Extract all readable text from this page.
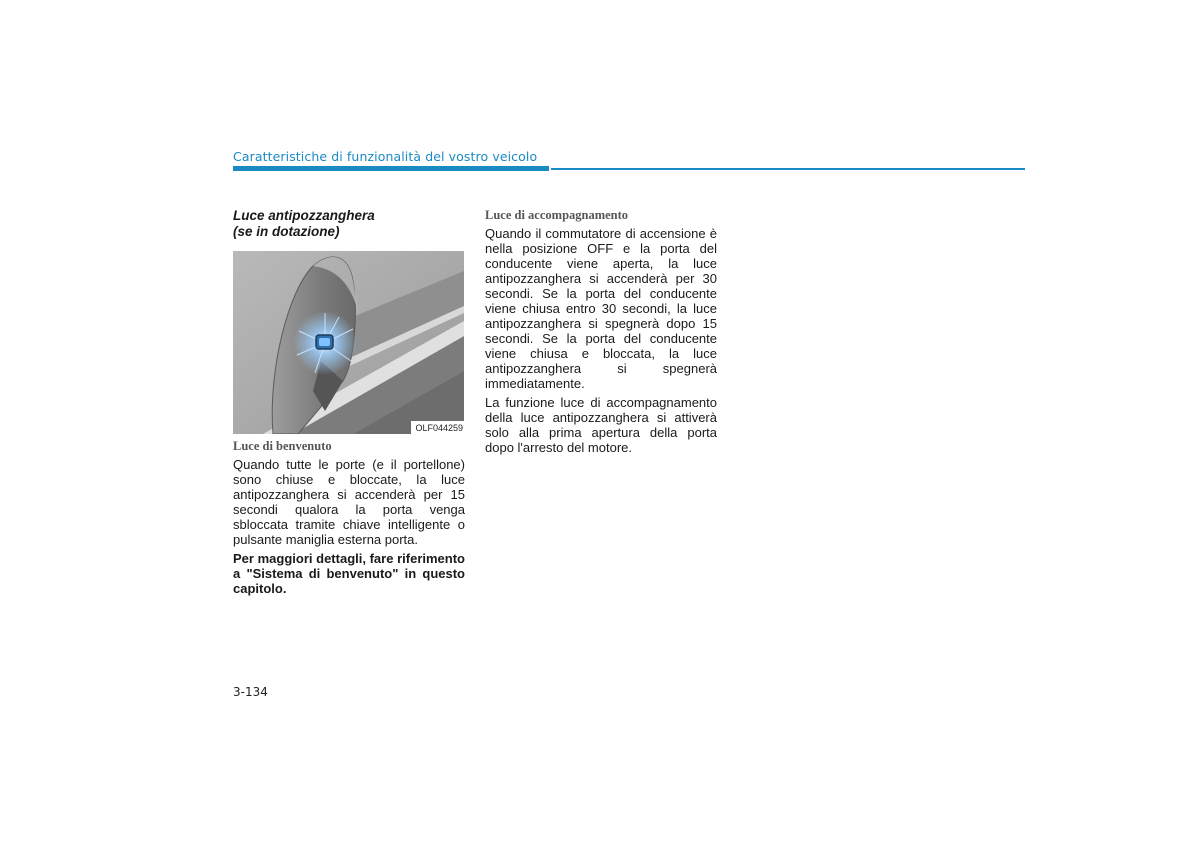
Caratteristiche di funzionalità del vostro veicolo

Luce antipozzanghera
(se in dotazione)

OLF044259

Luce di benvenuto

Quando tutte le porte (e il portellone) sono chiuse e bloccate, la luce antipozzanghera si accenderà per 15 secondi qualora la porta venga sbloccata tramite chiave intelligente o pulsante maniglia esterna porta.

Per maggiori dettagli, fare riferimento a "Sistema di benvenuto" in questo capitolo.

Luce di accompagnamento

Quando il commutatore di accensione è nella posizione OFF e la porta del conducente viene aperta, la luce antipozzanghera si accenderà per 30 secondi. Se la porta del conducente viene chiusa entro 30 secondi, la luce antipozzanghera si spegnerà dopo 15 secondi. Se la porta del conducente viene chiusa e bloccata, la luce antipozzanghera si spegnerà immediatamente.

La funzione luce di accompagnamento della luce antipozzanghera si attiverà solo alla prima apertura della porta dopo l'arresto del motore.

3-134
